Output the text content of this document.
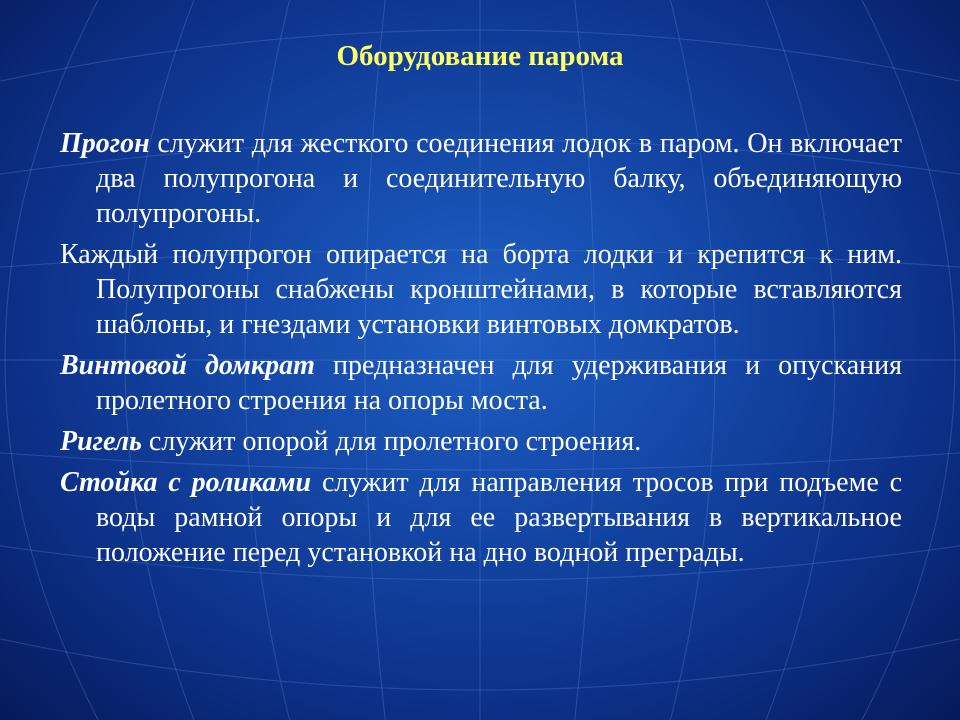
Оборудование парома

Прогон служит для жесткого соединения лодок в паром. Он включает два полупрогона и соединительную балку, объединяющую полупрогоны.

Каждый полупрогон опирается на борта лодки и крепится к ним. Полупрогоны снабжены кронштейнами, в которые вставляются шаблоны, и гнездами установки винтовых домкратов.

Винтовой домкрат предназначен для удерживания и опускания пролетного строения на опоры моста.

Ригель служит опорой для пролетного строения.

Стойка с роликами служит для направления тросов при подъеме с воды рамной опоры и для ее развертывания в вертикальное положение перед установкой на дно водной преграды.
